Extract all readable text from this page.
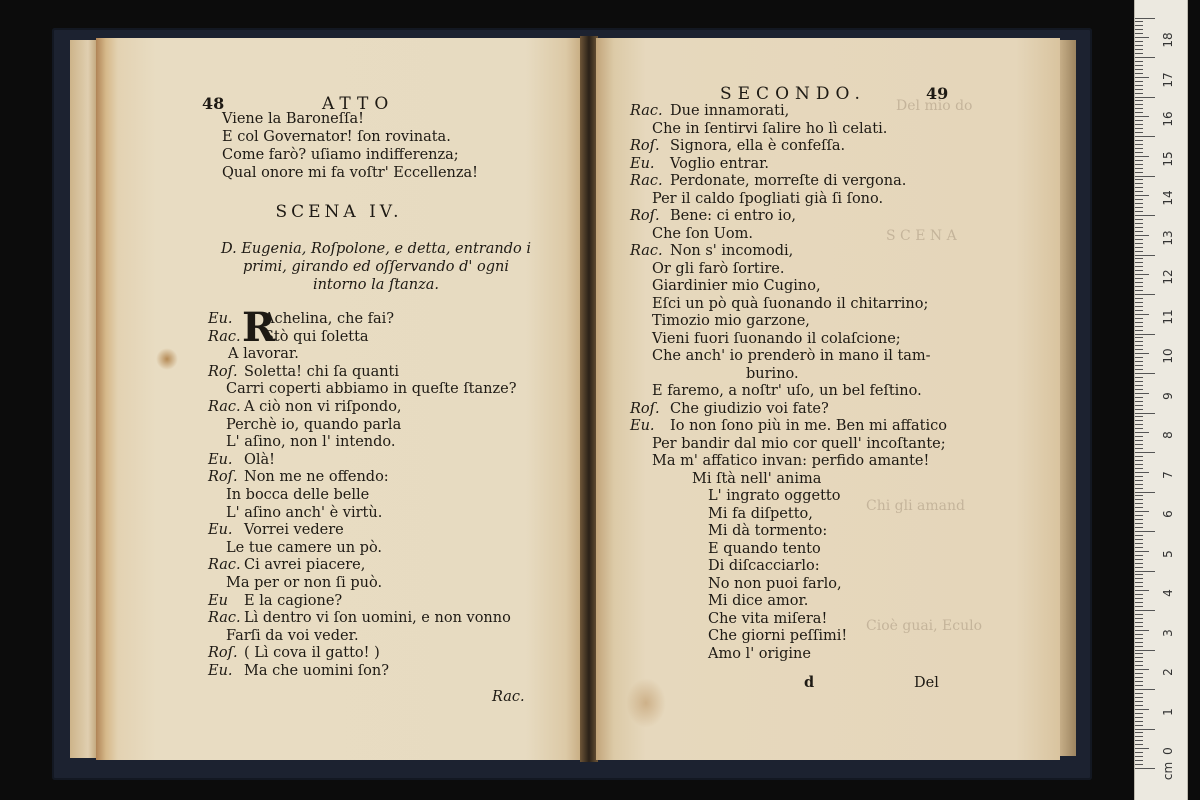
48	ATTO
Viene la Baroneſſa!
E col Governator! ſon rovinata.
Come farò? uſiamo indifferenza;
Qual onore mi fa voſtr' Eccellenza!
SCENA IV.
D. Eugenia, Roſpolone, e detta, entrando i
primi, girando ed oſſervando d' ogni
intorno la ſtanza.
R
Eu. Achelina, che fai?
Rac. Stò qui ſoletta
A lavorar.
Roſ. Soletta! chi ſa quanti
Carri coperti abbiamo in queſte ſtanze?
Rac. A ciò non vi riſpondo,
Perchè io, quando parla
L' aſino, non l' intendo.
Eu. Olà!
Roſ. Non me ne offendo:
In bocca delle belle
L' aſino anch' è virtù.
Eu. Vorrei vedere
Le tue camere un pò.
Rac. Ci avrei piacere,
Ma per or non ſi può.
Eu E la cagione?
Rac. Lì dentro vi ſon uomini, e non vonno
Farſi da voi veder.
Roſ. ( Lì cova il gatto! )
Eu. Ma che uomini ſon?
Rac.
Del mio do
S C E N A
Chi gli amand
Cioè guai, Eculo
SECONDO.	49
Rac. Due innamorati,
Che in ſentirvi ſalire ho lì celati.
Roſ. Signora, ella è confeſſa.
Eu. Voglio entrar.
Rac. Perdonate, morreſte di vergona.
Per il caldo ſpogliati già ſi ſono.
Roſ. Bene: ci entro io,
Che ſon Uom.
Rac. Non s' incomodi,
Or gli farò ſortire.
Giardinier mio Cugino,
Eſci un pò quà ſuonando il chitarrino;
Timozio mio garzone,
Vieni fuori ſuonando il colaſcione;
Che anch' io prenderò in mano il tam-
burino.
E faremo, a noſtr' uſo, un bel feſtino.
Roſ. Che giudizio voi fate?
Eu. Io non ſono più in me. Ben mi affatico
Per bandir dal mio cor quell' incoſtante;
Ma m' affatico invan: perfido amante!
Mi ſtà nell' anima
L' ingrato oggetto
Mi fa diſpetto,
Mi dà tormento:
E quando tento
Di diſcacciarlo:
No non puoi farlo,
Mi dice amor.
Che vita miſera!
Che giorni peſſimi!
Amo l' origine
d	Del
0
1
2
3
4
5
6
7
8
9
10
11
12
13
14
15
16
17
18
cm
